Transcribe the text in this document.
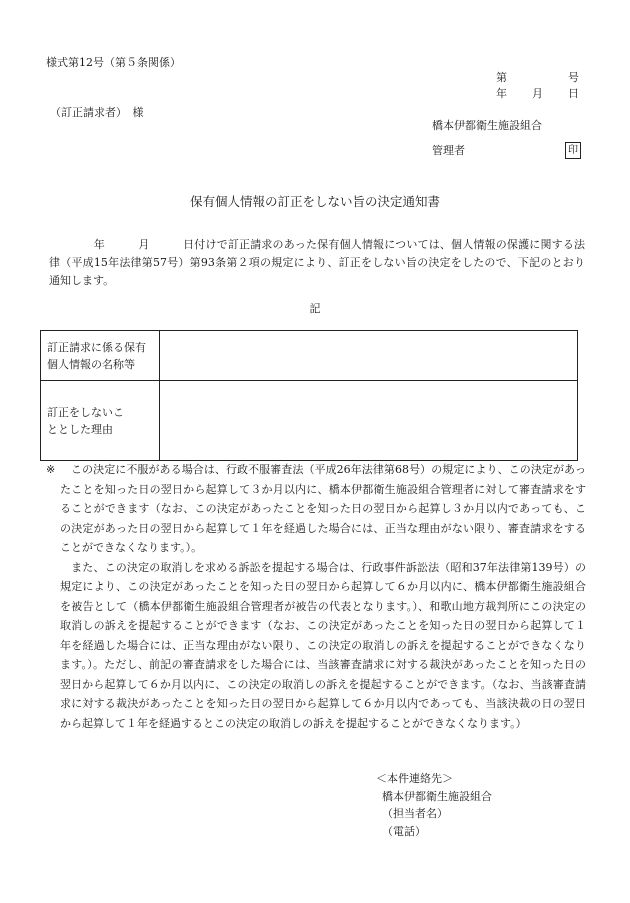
様式第12号（第５条関係）
第	号
年 月 日
（訂正請求者）　様
橋本伊都衛生施設組合
管理者	印
保有個人情報の訂正をしない旨の決定通知書

　　　　年　　　月　　　日付けで訂正請求のあった保有個人情報については、個人情報の保護に関する法律（平成15年法律第57号）第93条第２項の規定により、訂正をしない旨の決定をしたので、下記のとおり通知します。

記
訂正請求に係る保有
個人情報の名称等	

訂正をしないこ
ととした理由	

※	この決定に不服がある場合は、行政不服審査法（平成26年法律第68号）の規定により、この決定があったことを知った日の翌日から起算して３か月以内に、橋本伊都衛生施設組合管理者に対して審査請求をすることができます（なお、この決定があったことを知った日の翌日から起算し３か月以内であっても、この決定があった日の翌日から起算して１年を経過した場合には、正当な理由がない限り、審査請求をすることができなくなります。）。

　また、この決定の取消しを求める訴訟を提起する場合は、行政事件訴訟法（昭和37年法律第139号）の規定により、この決定があったことを知った日の翌日から起算して６か月以内に、橋本伊都衛生施設組合を被告として（橋本伊都衛生施設組合管理者が被告の代表となります。）、和歌山地方裁判所にこの決定の取消しの訴えを提起することができます（なお、この決定があったことを知った日の翌日から起算して１年を経過した場合には、正当な理由がない限り、この決定の取消しの訴えを提起することができなくなります。）。ただし、前記の審査請求をした場合には、当該審査請求に対する裁決があったことを知った日の翌日から起算して６か月以内に、この決定の取消しの訴えを提起することができます。（なお、当該審査請求に対する裁決があったことを知った日の翌日から起算して６か月以内であっても、当該決裁の日の翌日から起算して１年を経過するとこの決定の取消しの訴えを提起することができなくなります。）

＜本件連絡先＞
橋本伊都衛生施設組合
（担当者名）
（電話）
